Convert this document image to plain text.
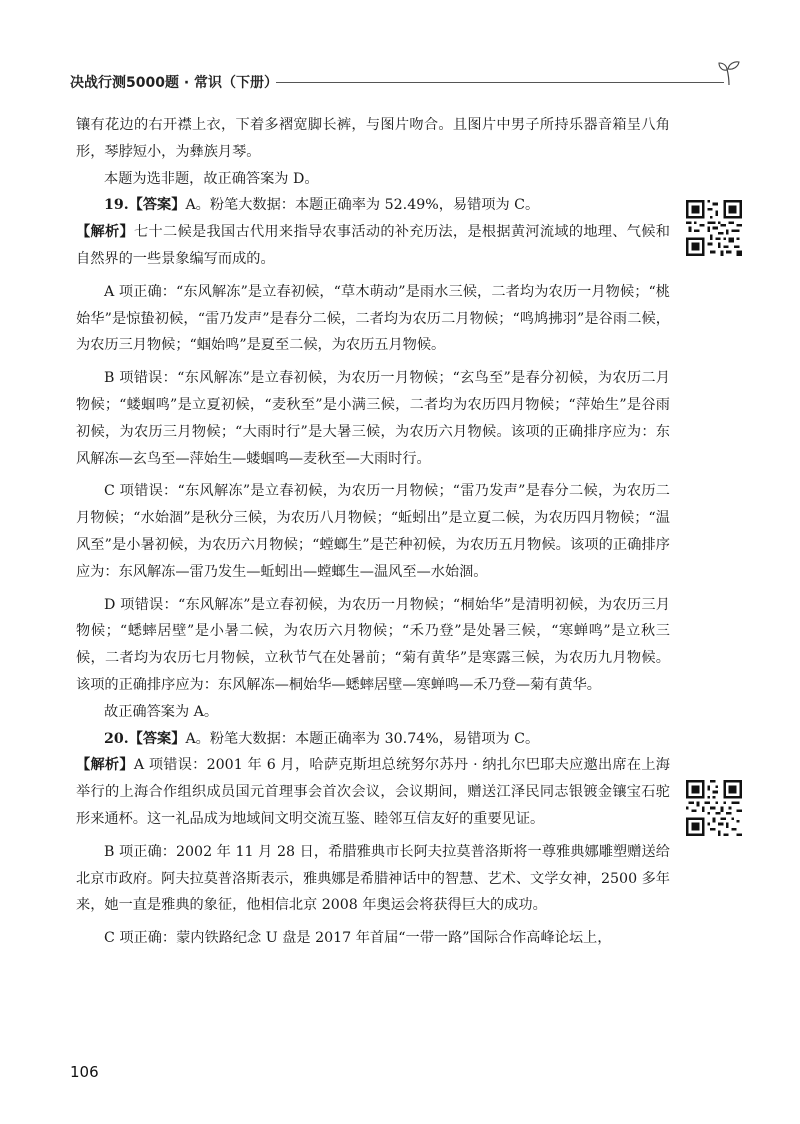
决战行测5000题 · 常识（下册）

镶有花边的右开襟上衣，下着多褶宽脚长裤，与图片吻合。且图片中男子所持乐器音箱呈八角形，琴脖短小，为彝族月琴。

本题为选非题，故正确答案为 D。

19.【答案】A。粉笔大数据：本题正确率为 52.49%，易错项为 C。

【解析】七十二候是我国古代用来指导农事活动的补充历法，是根据黄河流域的地理、气候和自然界的一些景象编写而成的。

A 项正确：“东风解冻”是立春初候，“草木萌动”是雨水三候，二者均为农历一月物候；“桃始华”是惊蛰初候，“雷乃发声”是春分二候，二者均为农历二月物候；“鸣鸠拂羽”是谷雨二候，为农历三月物候；“蝈始鸣”是夏至二候，为农历五月物候。

B 项错误：“东风解冻”是立春初候，为农历一月物候；“玄鸟至”是春分初候，为农历二月物候；“蝼蝈鸣”是立夏初候，“麦秋至”是小满三候，二者均为农历四月物候；“萍始生”是谷雨初候，为农历三月物候；“大雨时行”是大暑三候，为农历六月物候。该项的正确排序应为：东风解冻—玄鸟至—萍始生—蝼蝈鸣—麦秋至—大雨时行。

C 项错误：“东风解冻”是立春初候，为农历一月物候；“雷乃发声”是春分二候，为农历二月物候；“水始涸”是秋分三候，为农历八月物候；“蚯蚓出”是立夏二候，为农历四月物候；“温风至”是小暑初候，为农历六月物候；“螳螂生”是芒种初候，为农历五月物候。该项的正确排序应为：东风解冻—雷乃发生—蚯蚓出—螳螂生—温风至—水始涸。

D 项错误：“东风解冻”是立春初候，为农历一月物候；“桐始华”是清明初候，为农历三月物候；“蟋蟀居壁”是小暑二候，为农历六月物候；“禾乃登”是处暑三候，“寒蝉鸣”是立秋三候，二者均为农历七月物候，立秋节气在处暑前；“菊有黄华”是寒露三候，为农历九月物候。该项的正确排序应为：东风解冻—桐始华—蟋蟀居壁—寒蝉鸣—禾乃登—菊有黄华。

故正确答案为 A。

20.【答案】A。粉笔大数据：本题正确率为 30.74%，易错项为 C。

【解析】A 项错误：2001 年 6 月，哈萨克斯坦总统努尔苏丹 · 纳扎尔巴耶夫应邀出席在上海举行的上海合作组织成员国元首理事会首次会议，会议期间，赠送江泽民同志银镀金镶宝石驼形来通杯。这一礼品成为地域间文明交流互鉴、睦邻互信友好的重要见证。

B 项正确：2002 年 11 月 28 日，希腊雅典市长阿夫拉莫普洛斯将一尊雅典娜雕塑赠送给北京市政府。阿夫拉莫普洛斯表示，雅典娜是希腊神话中的智慧、艺术、文学女神，2500 多年来，她一直是雅典的象征，他相信北京 2008 年奥运会将获得巨大的成功。

C 项正确：蒙内铁路纪念 U 盘是 2017 年首届“一带一路”国际合作高峰论坛上，

106
